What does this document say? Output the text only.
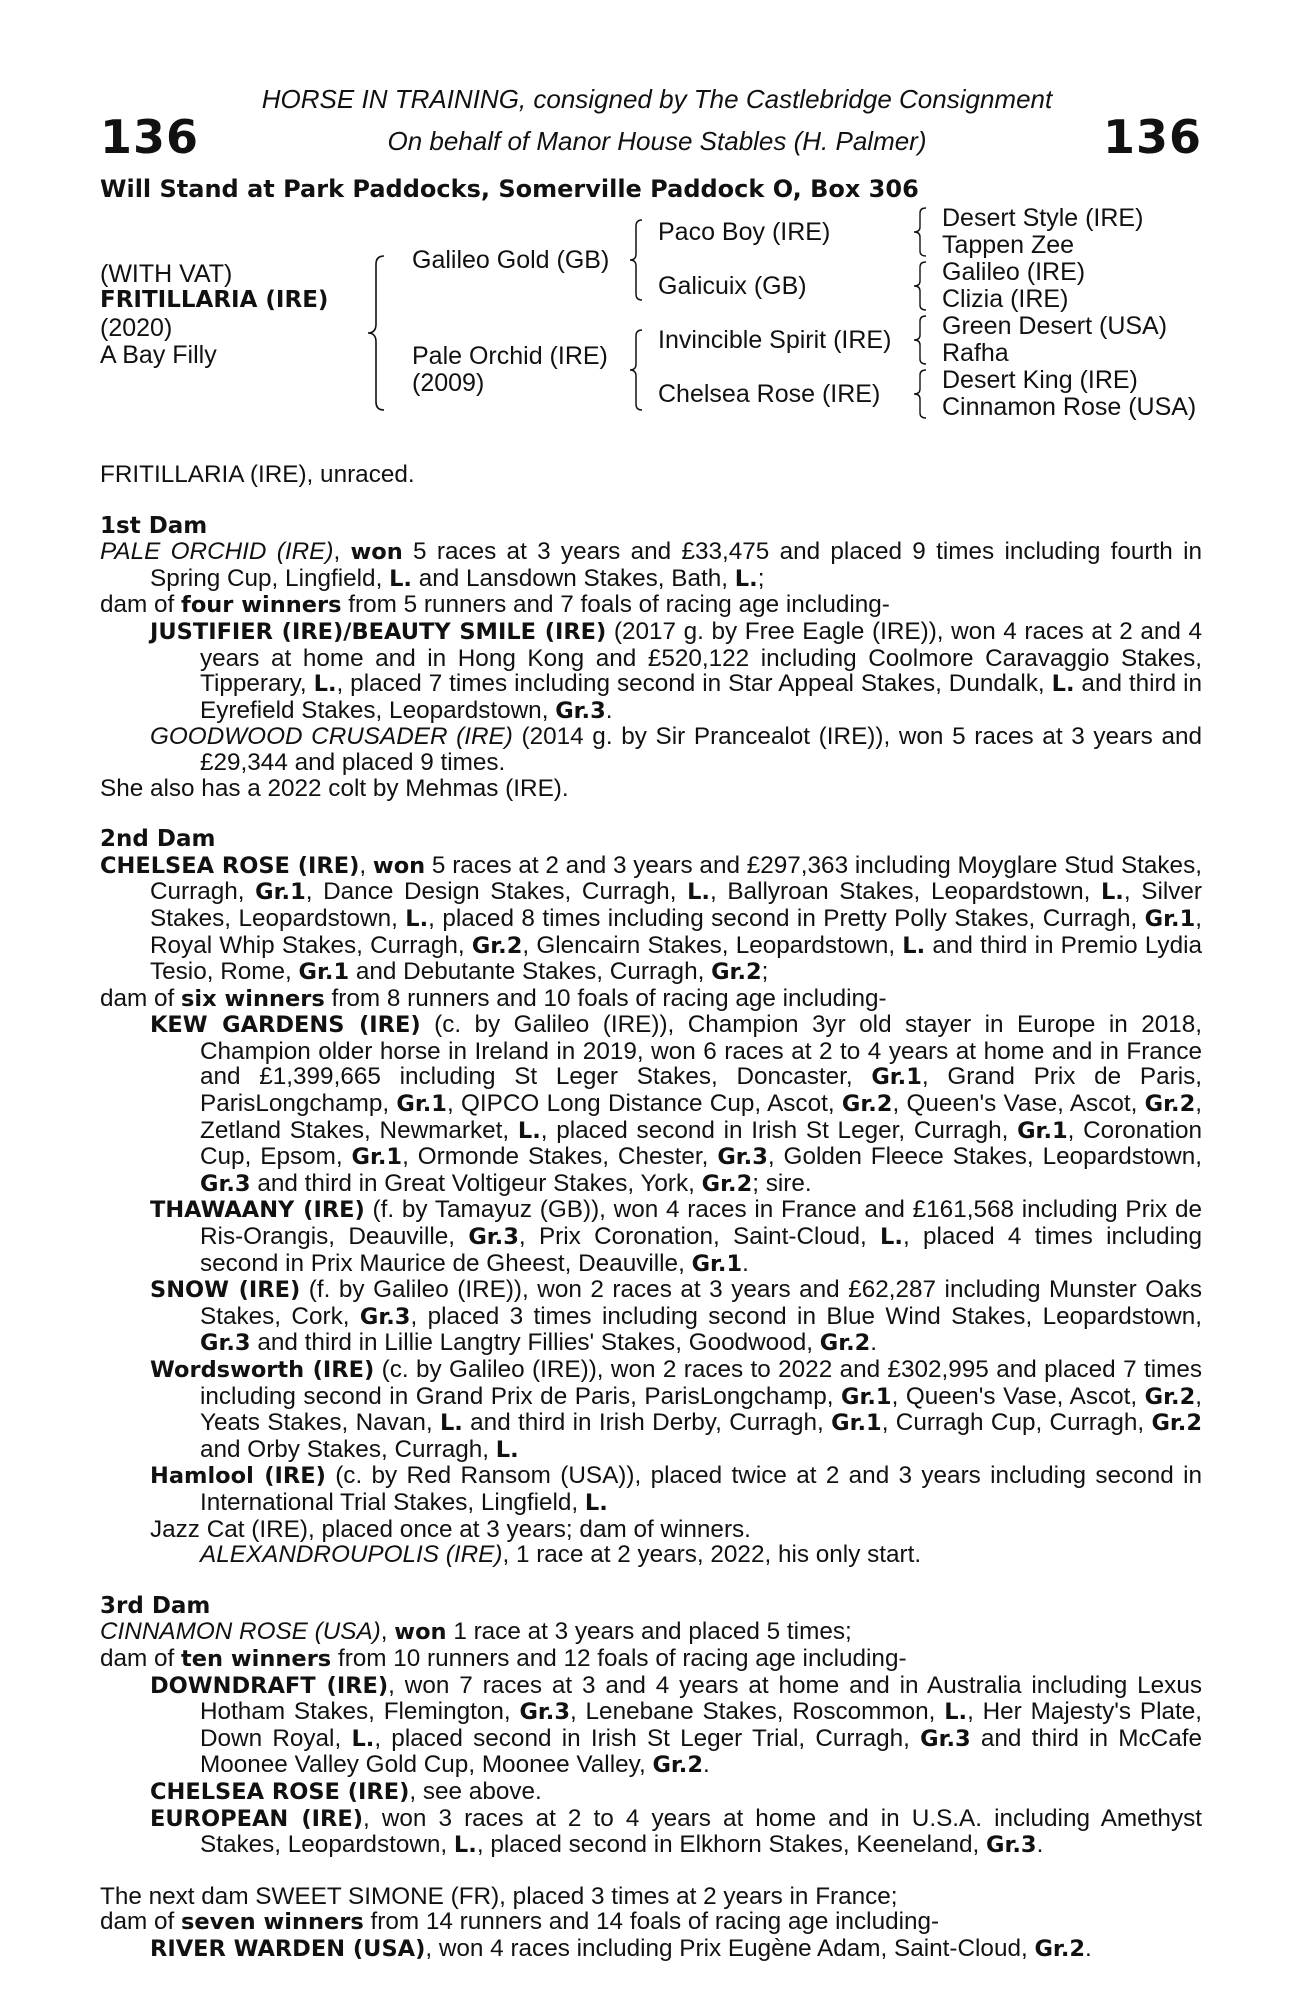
136	136
HORSE IN TRAINING, consigned by The Castlebridge Consignment
On behalf of Manor House Stables (H. Palmer)
Will Stand at Park Paddocks, Somerville Paddock O, Box 306
(WITH VAT)
FRITILLARIA (IRE)
(2020)
A Bay Filly
Galileo Gold (GB)
Pale Orchid (IRE)
(2009)
Paco Boy (IRE)
Galicuix (GB)
Invincible Spirit (IRE)
Chelsea Rose (IRE)
Desert Style (IRE)
Tappen Zee
Galileo (IRE)
Clizia (IRE)
Green Desert (USA)
Rafha
Desert King (IRE)
Cinnamon Rose (USA)

FRITILLARIA (IRE), unraced.

1st Dam

PALE ORCHID (IRE), won 5 races at 3 years and £33,475 and placed 9 times including fourth in Spring Cup, Lingfield, L. and Lansdown Stakes, Bath, L.;

dam of four winners from 5 runners and 7 foals of racing age including-

JUSTIFIER (IRE)/BEAUTY SMILE (IRE) (2017 g. by Free Eagle (IRE)), won 4 races at 2 and 4 years at home and in Hong Kong and £520,122 including Coolmore Caravaggio Stakes, Tipperary, L., placed 7 times including second in Star Appeal Stakes, Dundalk, L. and third in Eyrefield Stakes, Leopardstown, Gr.3.

GOODWOOD CRUSADER (IRE) (2014 g. by Sir Prancealot (IRE)), won 5 races at 3 years and £29,344 and placed 9 times.

She also has a 2022 colt by Mehmas (IRE).

2nd Dam

CHELSEA ROSE (IRE), won 5 races at 2 and 3 years and £297,363 including Moyglare Stud Stakes, Curragh, Gr.1, Dance Design Stakes, Curragh, L., Ballyroan Stakes, Leopardstown, L., Silver Stakes, Leopardstown, L., placed 8 times including second in Pretty Polly Stakes, Curragh, Gr.1, Royal Whip Stakes, Curragh, Gr.2, Glencairn Stakes, Leopardstown, L. and third in Premio Lydia Tesio, Rome, Gr.1 and Debutante Stakes, Curragh, Gr.2;

dam of six winners from 8 runners and 10 foals of racing age including-

KEW GARDENS (IRE) (c. by Galileo (IRE)), Champion 3yr old stayer in Europe in 2018, Champion older horse in Ireland in 2019, won 6 races at 2 to 4 years at home and in France and £1,399,665 including St Leger Stakes, Doncaster, Gr.1, Grand Prix de Paris, ParisLongchamp, Gr.1, QIPCO Long Distance Cup, Ascot, Gr.2, Queen's Vase, Ascot, Gr.2, Zetland Stakes, Newmarket, L., placed second in Irish St Leger, Curragh, Gr.1, Coronation Cup, Epsom, Gr.1, Ormonde Stakes, Chester, Gr.3, Golden Fleece Stakes, Leopardstown, Gr.3 and third in Great Voltigeur Stakes, York, Gr.2; sire.

THAWAANY (IRE) (f. by Tamayuz (GB)), won 4 races in France and £161,568 including Prix de Ris-Orangis, Deauville, Gr.3, Prix Coronation, Saint-Cloud, L., placed 4 times including second in Prix Maurice de Gheest, Deauville, Gr.1.

SNOW (IRE) (f. by Galileo (IRE)), won 2 races at 3 years and £62,287 including Munster Oaks Stakes, Cork, Gr.3, placed 3 times including second in Blue Wind Stakes, Leopardstown, Gr.3 and third in Lillie Langtry Fillies' Stakes, Goodwood, Gr.2.

Wordsworth (IRE) (c. by Galileo (IRE)), won 2 races to 2022 and £302,995 and placed 7 times including second in Grand Prix de Paris, ParisLongchamp, Gr.1, Queen's Vase, Ascot, Gr.2, Yeats Stakes, Navan, L. and third in Irish Derby, Curragh, Gr.1, Curragh Cup, Curragh, Gr.2 and Orby Stakes, Curragh, L.

Hamlool (IRE) (c. by Red Ransom (USA)), placed twice at 2 and 3 years including second in International Trial Stakes, Lingfield, L.

Jazz Cat (IRE), placed once at 3 years; dam of winners.

ALEXANDROUPOLIS (IRE), 1 race at 2 years, 2022, his only start.

3rd Dam

CINNAMON ROSE (USA), won 1 race at 3 years and placed 5 times;

dam of ten winners from 10 runners and 12 foals of racing age including-

DOWNDRAFT (IRE), won 7 races at 3 and 4 years at home and in Australia including Lexus Hotham Stakes, Flemington, Gr.3, Lenebane Stakes, Roscommon, L., Her Majesty's Plate, Down Royal, L., placed second in Irish St Leger Trial, Curragh, Gr.3 and third in McCafe Moonee Valley Gold Cup, Moonee Valley, Gr.2.

CHELSEA ROSE (IRE), see above.

EUROPEAN (IRE), won 3 races at 2 to 4 years at home and in U.S.A. including Amethyst Stakes, Leopardstown, L., placed second in Elkhorn Stakes, Keeneland, Gr.3.

The next dam SWEET SIMONE (FR), placed 3 times at 2 years in France;

dam of seven winners from 14 runners and 14 foals of racing age including-

RIVER WARDEN (USA), won 4 races including Prix Eugène Adam, Saint-Cloud, Gr.2.
